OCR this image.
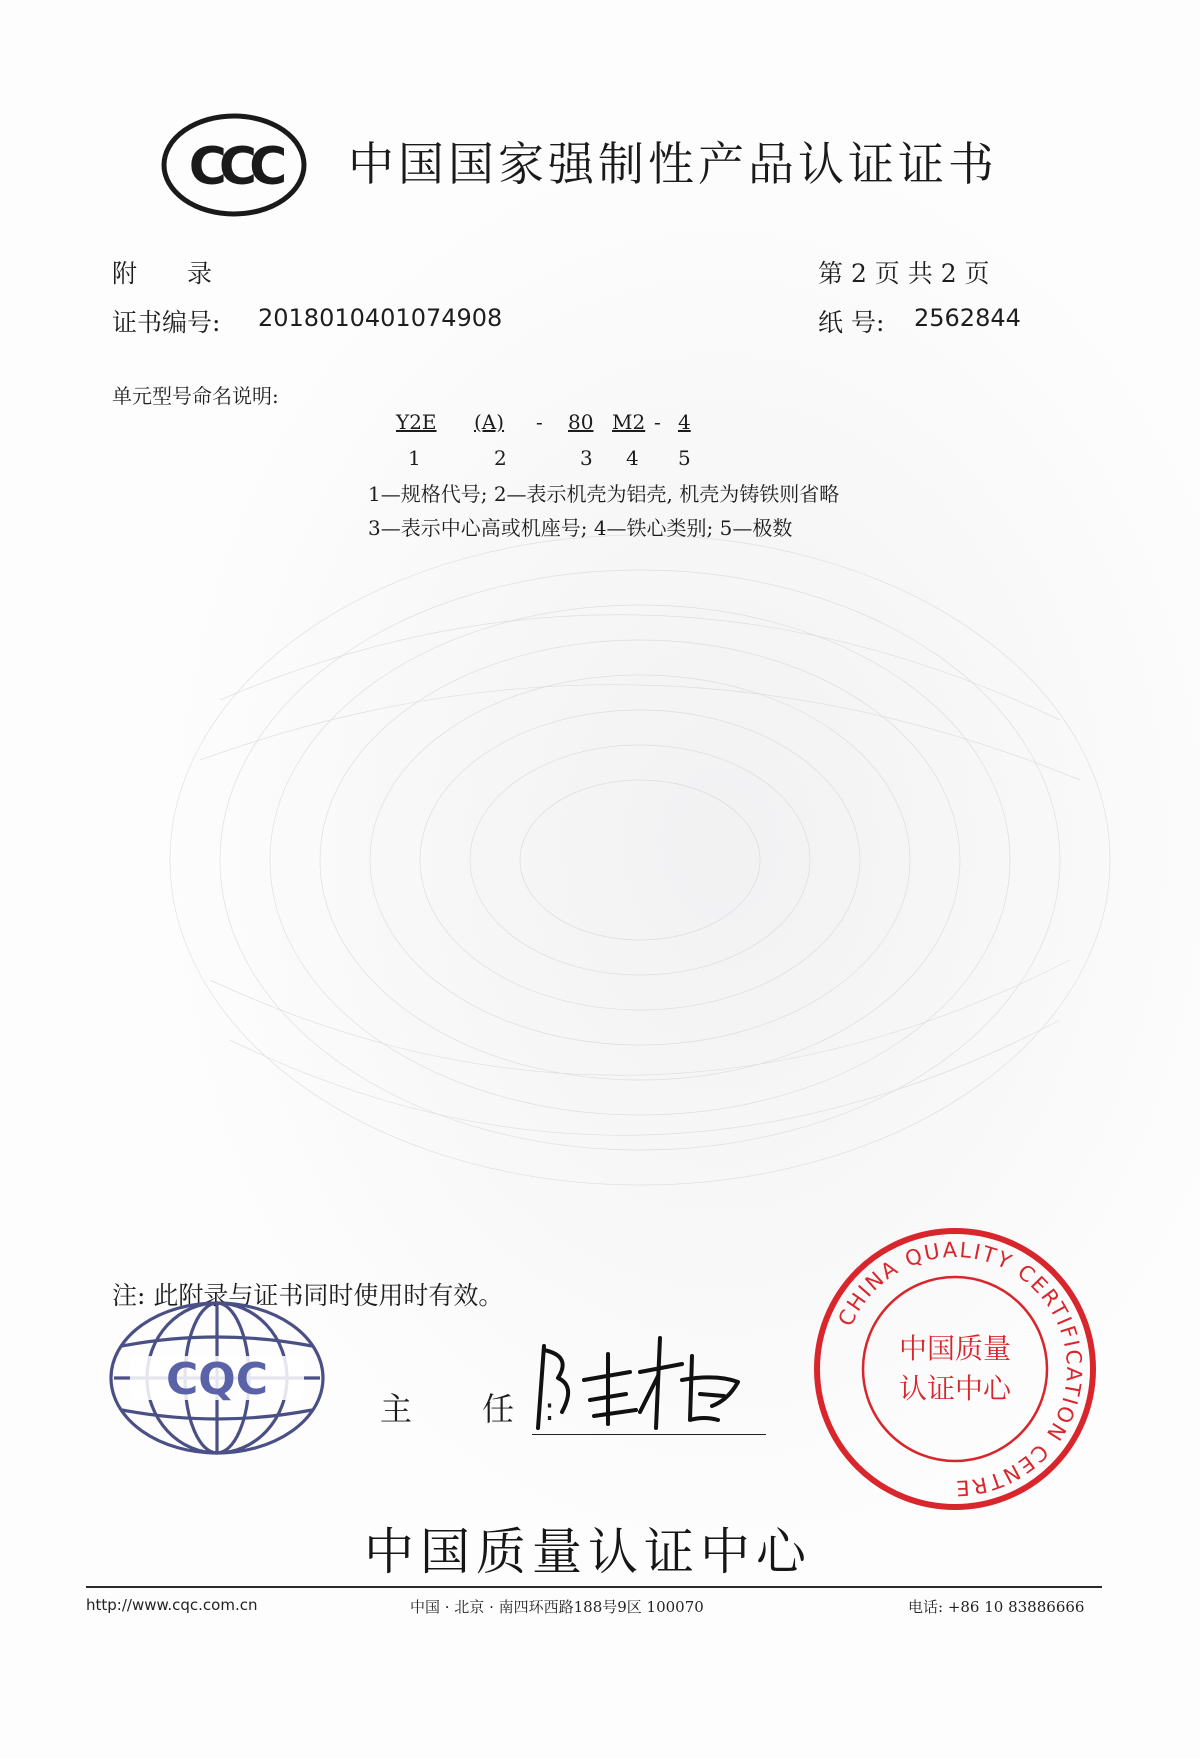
CCC 中国国家强制性产品认证证书
附　　录	第 2 页 共 2 页
证书编号: 2018010401074908	纸 号: 2562844
单元型号命名说明:
Y2E (A) - 80 M2 - 4
1	2	3 4 5
1—规格代号; 2—表示机壳为铝壳, 机壳为铸铁则省略
3—表示中心高或机座号; 4—铁心类别; 5—极数
注: 此附录与证书同时使用时有效。
CQC
主 任:
CHINA QUALITY CERTIFICATION CENTRE
中国质量认证中心
中国质量认证中心
http://www.cqc.com.cn	中国 · 北京 · 南四环西路188号9区 100070	电话: +86 10 83886666
